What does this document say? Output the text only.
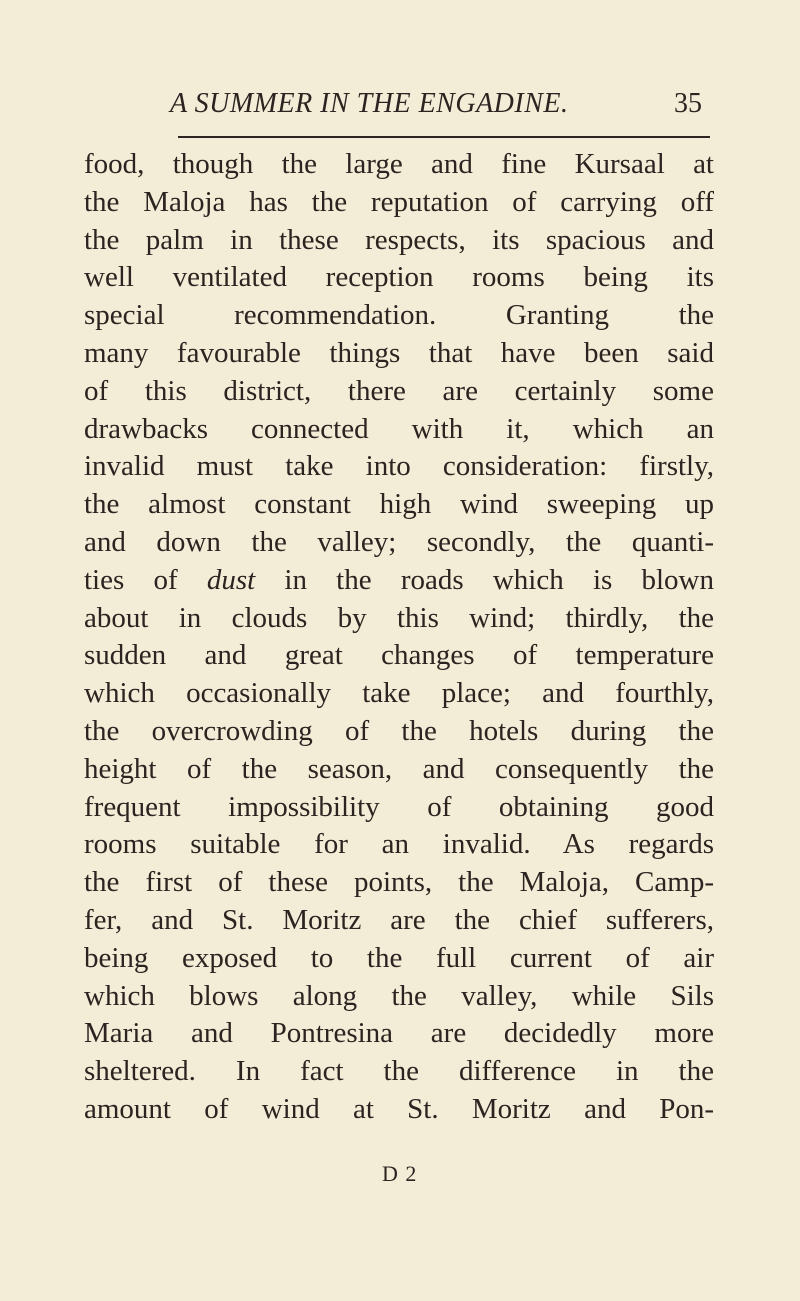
A SUMMER IN THE ENGADINE.	35
food, though the large and fine Kursaal at
the Maloja has the reputation of carrying off
the palm in these respects, its spacious and
well ventilated reception rooms being its
special recommendation. Granting the
many favourable things that have been said
of this district, there are certainly some
drawbacks connected with it, which an
invalid must take into consideration: firstly,
the almost constant high wind sweeping up
and down the valley; secondly, the quanti-
ties of dust in the roads which is blown
about in clouds by this wind; thirdly, the
sudden and great changes of temperature
which occasionally take place; and fourthly,
the overcrowding of the hotels during the
height of the season, and consequently the
frequent impossibility of obtaining good
rooms suitable for an invalid. As regards
the first of these points, the Maloja, Camp-
fer, and St. Moritz are the chief sufferers,
being exposed to the full current of air
which blows along the valley, while Sils
Maria and Pontresina are decidedly more
sheltered. In fact the difference in the
amount of wind at St. Moritz and Pon-
D 2
